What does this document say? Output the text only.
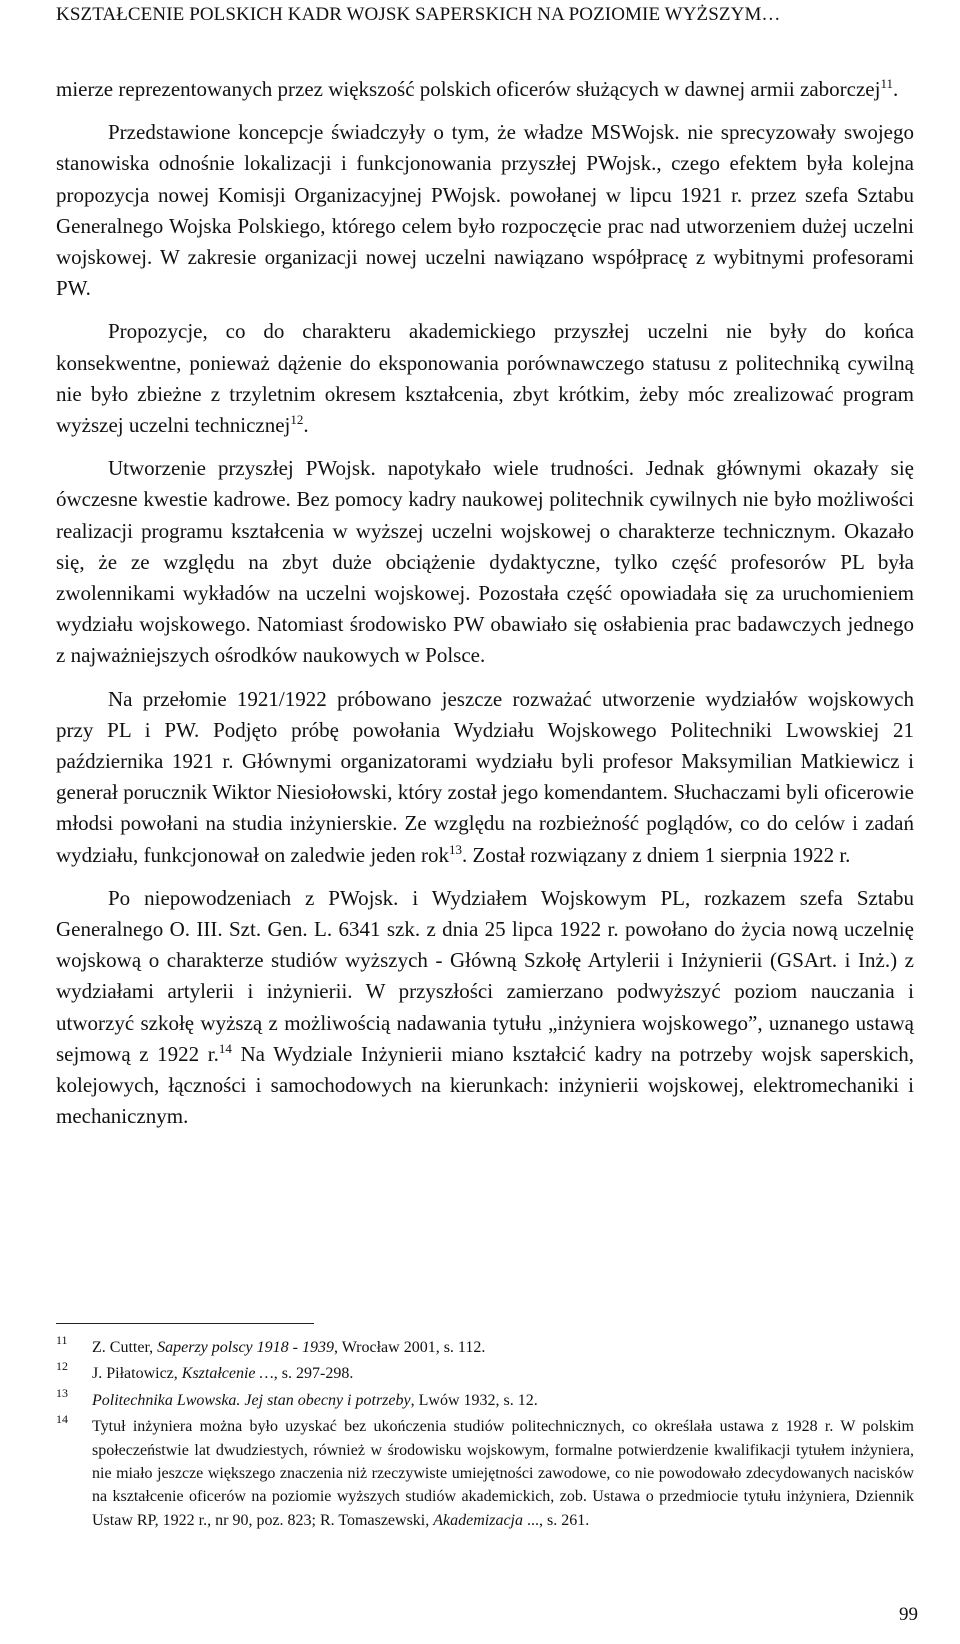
KSZTAŁCENIE POLSKICH KADR WOJSK SAPERSKICH NA POZIOMIE WYŻSZYM…

mierze reprezentowanych przez większość polskich oficerów służących w dawnej armii zaborczej$^{11}$.

Przedstawione koncepcje świadczyły o tym, że władze MSWojsk. nie sprecyzowały swojego stanowiska odnośnie lokalizacji i funkcjonowania przyszłej PWojsk., czego efektem była kolejna propozycja nowej Komisji Organizacyjnej PWojsk. powołanej w lipcu 1921 r. przez szefa Sztabu Generalnego Wojska Polskiego, którego celem było rozpoczęcie prac nad utworzeniem dużej uczelni wojskowej. W zakresie organizacji nowej uczelni nawiązano współpracę z wybitnymi profesorami PW.

Propozycje, co do charakteru akademickiego przyszłej uczelni nie były do końca konsekwentne, ponieważ dążenie do eksponowania porównawczego statusu z politechniką cywilną nie było zbieżne z trzyletnim okresem kształcenia, zbyt krótkim, żeby móc zrealizować program wyższej uczelni technicznej$^{12}$.

Utworzenie przyszłej PWojsk. napotykało wiele trudności. Jednak głównymi okazały się ówczesne kwestie kadrowe. Bez pomocy kadry naukowej politechnik cywilnych nie było możliwości realizacji programu kształcenia w wyższej uczelni wojskowej o charakterze technicznym. Okazało się, że ze względu na zbyt duże obciążenie dydaktyczne, tylko część profesorów PL była zwolennikami wykładów na uczelni wojskowej. Pozostała część opowiadała się za uruchomieniem wydziału wojskowego. Natomiast środowisko PW obawiało się osłabienia prac badawczych jednego z najważniejszych ośrodków naukowych w Polsce.

Na przełomie 1921/1922 próbowano jeszcze rozważać utworzenie wydziałów wojskowych przy PL i PW. Podjęto próbę powołania Wydziału Wojskowego Politechniki Lwowskiej 21 października 1921 r. Głównymi organizatorami wydziału byli profesor Maksymilian Matkiewicz i generał porucznik Wiktor Niesiołowski, który został jego komendantem. Słuchaczami byli oficerowie młodsi powołani na studia inżynierskie. Ze względu na rozbieżność poglądów, co do celów i zadań wydziału, funkcjonował on zaledwie jeden rok$^{13}$. Został rozwiązany z dniem 1 sierpnia 1922 r.

Po niepowodzeniach z PWojsk. i Wydziałem Wojskowym PL, rozkazem szefa Sztabu Generalnego O. III. Szt. Gen. L. 6341 szk. z dnia 25 lipca 1922 r. powołano do życia nową uczelnię wojskową o charakterze studiów wyższych - Główną Szkołę Artylerii i Inżynierii (GSArt. i Inż.) z wydziałami artylerii i inżynierii. W przyszłości zamierzano podwyższyć poziom nauczania i utworzyć szkołę wyższą z możliwością nadawania tytułu „inżyniera wojskowego”, uznanego ustawą sejmową z 1922 r.$^{14}$ Na Wydziale Inżynierii miano kształcić kadry na potrzeby wojsk saperskich, kolejowych, łączności i samochodowych na kierunkach: inżynierii wojskowej, elektromechaniki i mechanicznym.

11 Z. Cutter, Saperzy polscy 1918 - 1939, Wrocław 2001, s. 112.
12 J. Piłatowicz, Kształcenie …, s. 297-298.
13 Politechnika Lwowska. Jej stan obecny i potrzeby, Lwów 1932, s. 12.
14 Tytuł inżyniera można było uzyskać bez ukończenia studiów politechnicznych, co określała ustawa z 1928 r. W polskim społeczeństwie lat dwudziestych, również w środowisku wojskowym, formalne potwierdzenie kwalifikacji tytułem inżyniera, nie miało jeszcze większego znaczenia niż rzeczywiste umiejętności zawodowe, co nie powodowało zdecydowanych nacisków na kształcenie oficerów na poziomie wyższych studiów akademickich, zob. Ustawa o przedmiocie tytułu inżyniera, Dziennik Ustaw RP, 1922 r., nr 90, poz. 823; R. Tomaszewski, Akademizacja ..., s. 261.
99
